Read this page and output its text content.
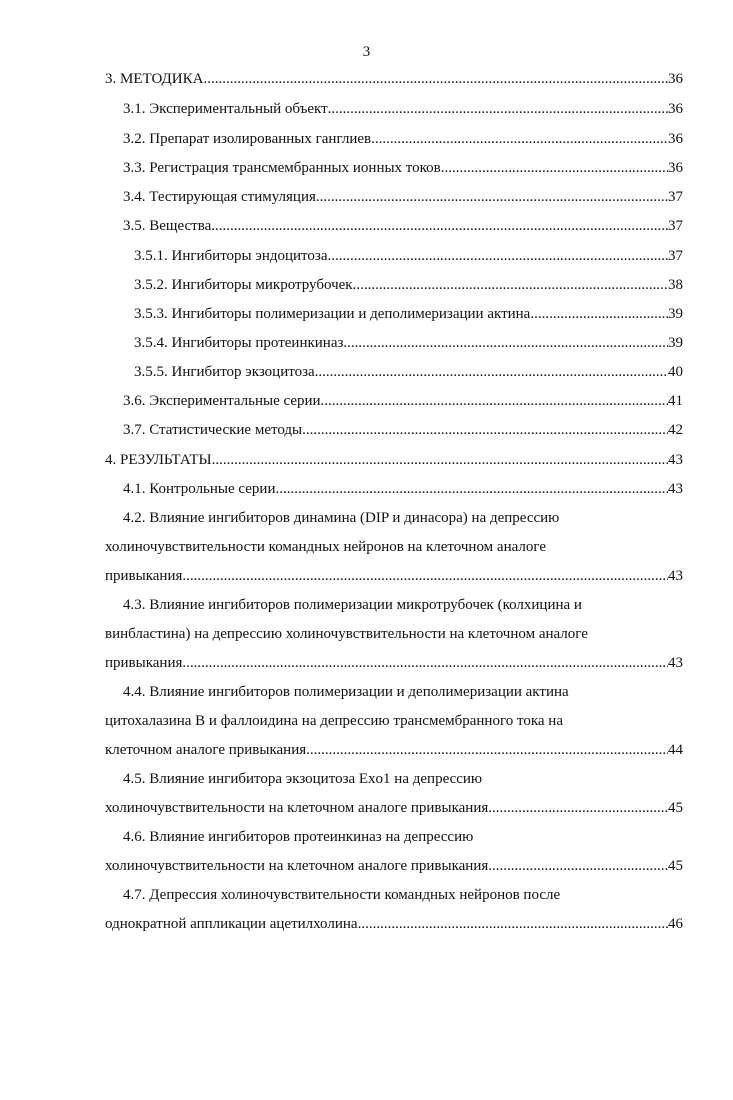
3
3. МЕТОДИКА .....	36
3.1. Экспериментальный объект .....	36
3.2. Препарат изолированных ганглиев .....	36
3.3. Регистрация трансмембранных ионных токов .....	36
3.4. Тестирующая стимуляция .....	37
3.5. Вещества .....	37
3.5.1. Ингибиторы эндоцитоза .....	37
3.5.2. Ингибиторы микротрубочек .....	38
3.5.3. Ингибиторы полимеризации и деполимеризации актина .....	39
3.5.4. Ингибиторы протеинкиназ .....	39
3.5.5. Ингибитор экзоцитоза .....	40
3.6. Экспериментальные серии .....	41
3.7. Статистические методы .....	42
4. РЕЗУЛЬТАТЫ .....	43
4.1. Контрольные серии .....	43
4.2. Влияние ингибиторов динамина (DIP и динасора) на депрессию
холиночувствительности командных нейронов на клеточном аналоге
привыкания .....	43
4.3. Влияние ингибиторов полимеризации микротрубочек (колхицина и
винбластина) на депрессию холиночувствительности на клеточном аналоге
привыкания .....	43
4.4. Влияние ингибиторов полимеризации и деполимеризации актина
цитохалазина В и фаллоидина на депрессию трансмембранного тока на
клеточном аналоге привыкания .....	44
4.5. Влияние ингибитора экзоцитоза Exo1 на депрессию
холиночувствительности на клеточном аналоге привыкания .....	45
4.6. Влияние ингибиторов протеинкиназ на депрессию
холиночувствительности на клеточном аналоге привыкания .....	45
4.7. Депрессия холиночувствительности командных нейронов после
однократной аппликации ацетилхолина .....	46
